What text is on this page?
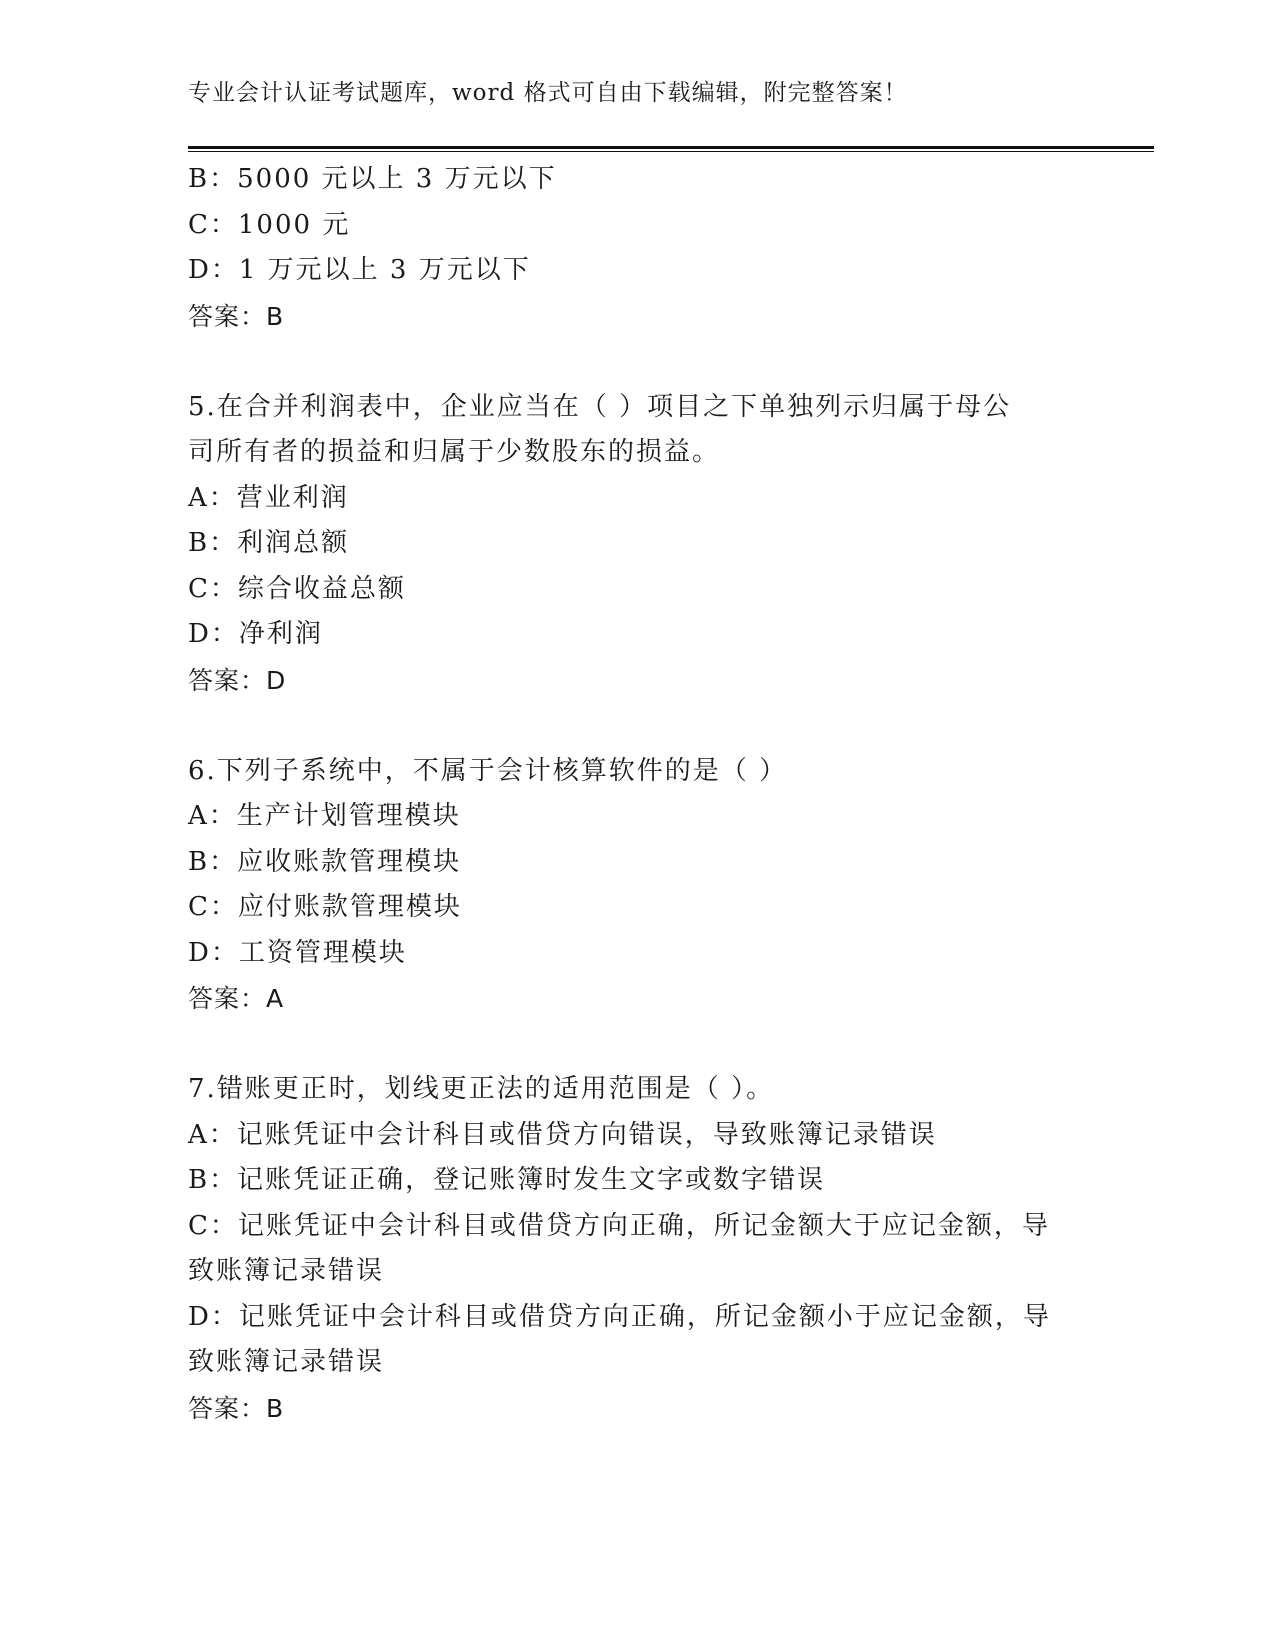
专业会计认证考试题库，word 格式可自由下载编辑，附完整答案！
B：5000 元以上 3 万元以下
C：1000 元
D：1 万元以上 3 万元以下
答案：B
5.在合并利润表中，企业应当在（ ）项目之下单独列示归属于母公
司所有者的损益和归属于少数股东的损益。
A：营业利润
B：利润总额
C：综合收益总额
D：净利润
答案：D
6.下列子系统中，不属于会计核算软件的是（ ）
A：生产计划管理模块
B：应收账款管理模块
C：应付账款管理模块
D：工资管理模块
答案：A
7.错账更正时，划线更正法的适用范围是（ ）。
A：记账凭证中会计科目或借贷方向错误，导致账簿记录错误
B：记账凭证正确，登记账簿时发生文字或数字错误
C：记账凭证中会计科目或借贷方向正确，所记金额大于应记金额，导
致账簿记录错误
D：记账凭证中会计科目或借贷方向正确，所记金额小于应记金额，导
致账簿记录错误
答案：B
